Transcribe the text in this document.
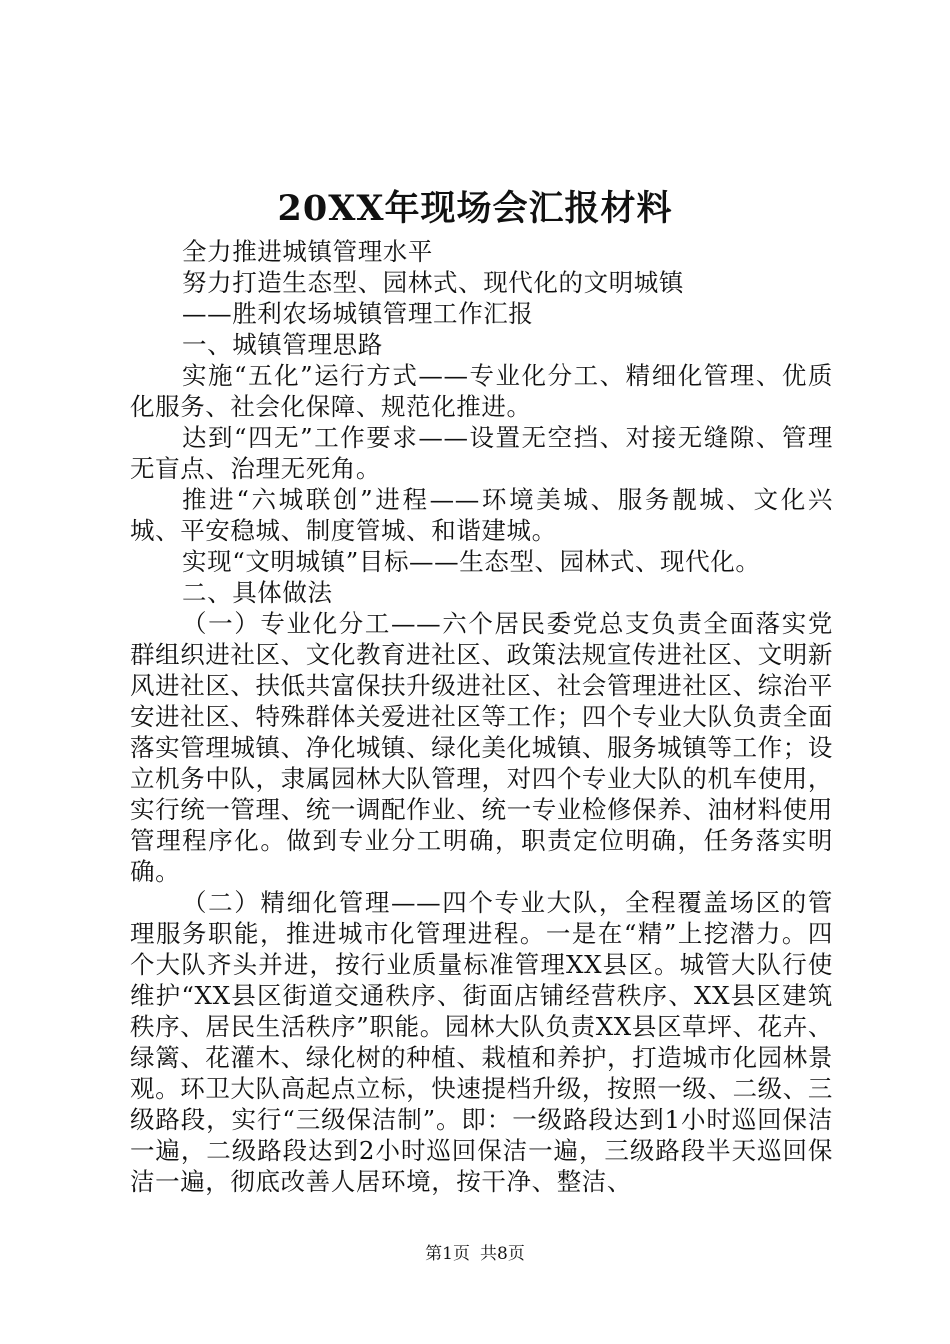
20XX年现场会汇报材料

全力推进城镇管理水平

努力打造生态型、园林式、现代化的文明城镇

——胜利农场城镇管理工作汇报

一、城镇管理思路

实施“五化”运行方式——专业化分工、精细化管理、优质化服务、社会化保障、规范化推进。

达到“四无”工作要求——设置无空挡、对接无缝隙、管理无盲点、治理无死角。

推进“六城联创”进程——环境美城、服务靓城、文化兴城、平安稳城、制度管城、和谐建城。

实现“文明城镇”目标——生态型、园林式、现代化。

二、具体做法

（一）专业化分工——六个居民委党总支负责全面落实党群组织进社区、文化教育进社区、政策法规宣传进社区、文明新风进社区、扶低共富保扶升级进社区、社会管理进社区、综治平安进社区、特殊群体关爱进社区等工作；四个专业大队负责全面落实管理城镇、净化城镇、绿化美化城镇、服务城镇等工作；设立机务中队，隶属园林大队管理，对四个专业大队的机车使用，实行统一管理、统一调配作业、统一专业检修保养、油材料使用管理程序化。做到专业分工明确，职责定位明确，任务落实明确。

（二）精细化管理——四个专业大队，全程覆盖场区的管理服务职能，推进城市化管理进程。一是在“精”上挖潜力。四个大队齐头并进，按行业质量标准管理XX县区。城管大队行使维护“XX县区街道交通秩序、街面店铺经营秩序、XX县区建筑秩序、居民生活秩序”职能。园林大队负责XX县区草坪、花卉、绿篱、花灌木、绿化树的种植、栽植和养护，打造城市化园林景观。环卫大队高起点立标，快速提档升级，按照一级、二级、三级路段，实行“三级保洁制”。即：一级路段达到1小时巡回保洁一遍，二级路段达到2小时巡回保洁一遍，三级路段半天巡回保洁一遍，彻底改善人居环境，按干净、整洁、

第1页 共8页
